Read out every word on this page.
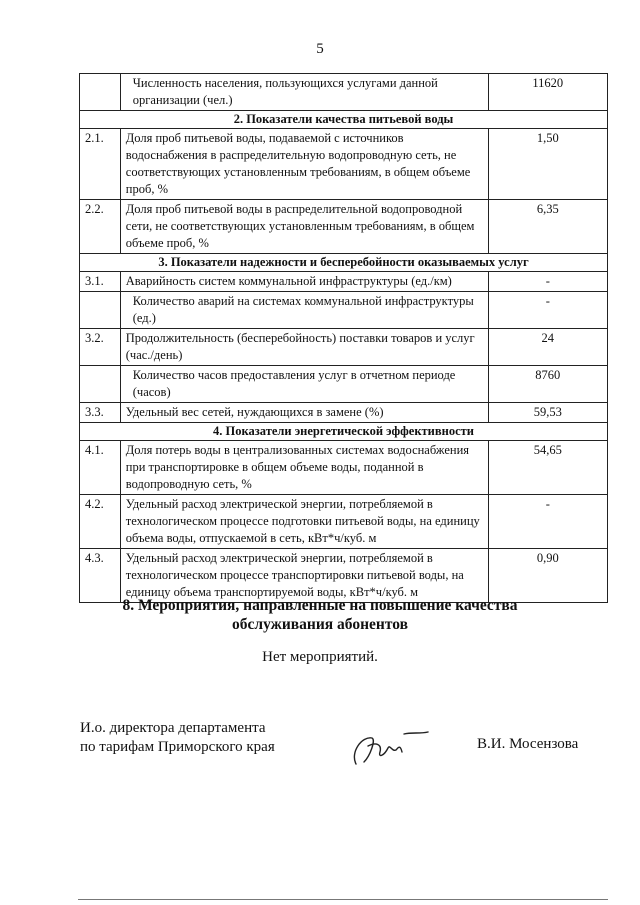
5
	Численность населения, пользующихся услугами данной организации (чел.)	11620
2. Показатели качества питьевой воды		
2.1.	Доля проб питьевой воды, подаваемой с источников водоснабжения в распределительную водопроводную сеть, не соответствующих установленным требованиям, в общем объеме проб, %	1,50
2.2.	Доля проб питьевой воды в распределительной водопроводной сети, не соответствующих установленным требованиям, в общем объеме проб, %	6,35
3. Показатели надежности и бесперебойности оказываемых услуг		
3.1.	Аварийность систем коммунальной инфраструктуры (ед./км)	-
	Количество аварий на системах коммунальной инфраструктуры (ед.)	-
3.2.	Продолжительность (бесперебойность) поставки товаров и услуг (час./день)	24
	Количество часов предоставления услуг в отчетном периоде (часов)	8760
3.3.	Удельный вес сетей, нуждающихся в замене (%)	59,53
4. Показатели энергетической эффективности		
4.1.	Доля потерь воды в централизованных системах водоснабжения при транспортировке в общем объеме воды, поданной в водопроводную сеть, %	54,65
4.2.	Удельный расход электрической энергии, потребляемой в технологическом процессе подготовки питьевой воды, на единицу объема воды, отпускаемой в сеть, кВт*ч/куб. м	-
4.3.	Удельный расход электрической энергии, потребляемой в технологическом процессе транспортировки питьевой воды, на единицу объема транспортируемой воды, кВт*ч/куб. м	0,90
8. Мероприятия, направленные на повышение качества
обслуживания абонентов
Нет мероприятий.
И.о. директора департамента
по тарифам Приморского края	В.И. Мосензова
